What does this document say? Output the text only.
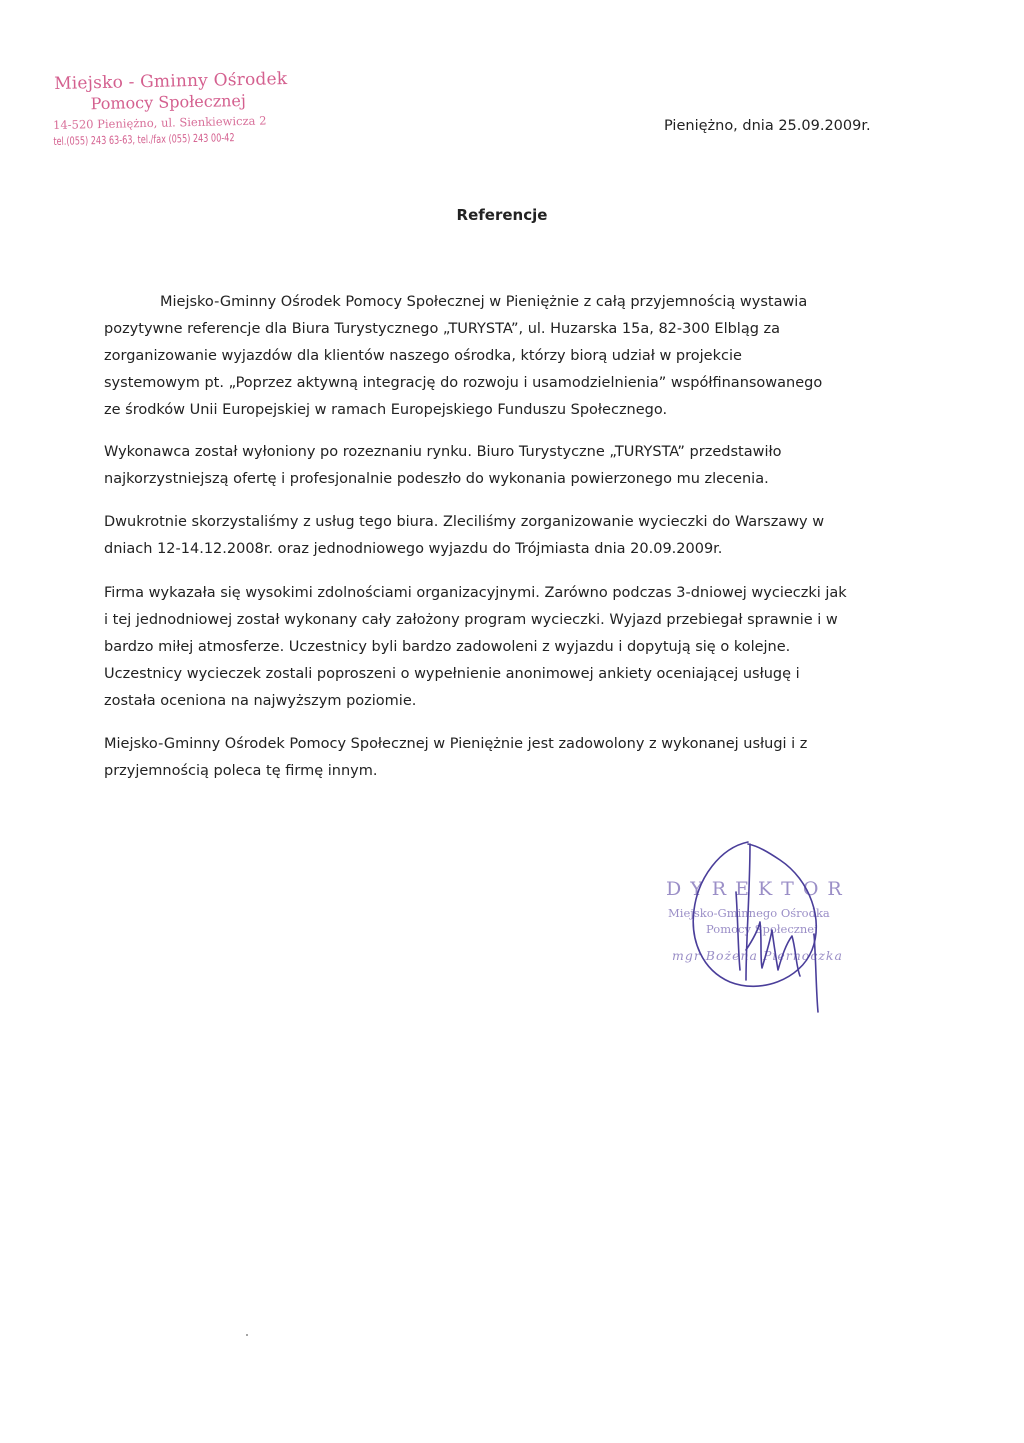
Miejsko - Gminny Ośrodek
Pomocy Społecznej
14-520 Pieniężno, ul. Sienkiewicza 2
tel.(055) 243 63-63, tel./fax (055) 243 00-42
Pieniężno, dnia 25.09.2009r.
Referencje
Miejsko-Gminny Ośrodek Pomocy Społecznej w Pieniężnie z całą przyjemnością wystawia
pozytywne referencje dla Biura Turystycznego „TURYSTA”, ul. Huzarska 15a, 82-300 Elbląg za
zorganizowanie wyjazdów dla klientów naszego ośrodka, którzy biorą udział w projekcie
systemowym pt. „Poprzez aktywną integrację do rozwoju i usamodzielnienia” współfinansowanego
ze środków Unii Europejskiej w ramach Europejskiego Funduszu Społecznego.
Wykonawca został wyłoniony po rozeznaniu rynku. Biuro Turystyczne „TURYSTA” przedstawiło
najkorzystniejszą ofertę i profesjonalnie podeszło do wykonania powierzonego mu zlecenia.
Dwukrotnie skorzystaliśmy z usług tego biura. Zleciliśmy zorganizowanie wycieczki do Warszawy w
dniach 12-14.12.2008r. oraz jednodniowego wyjazdu do Trójmiasta dnia 20.09.2009r.
Firma wykazała się wysokimi zdolnościami organizacyjnymi. Zarówno podczas 3-dniowej wycieczki jak
i tej jednodniowej został wykonany cały założony program wycieczki. Wyjazd przebiegał sprawnie i w
bardzo miłej atmosferze. Uczestnicy byli bardzo zadowoleni z wyjazdu i dopytują się o kolejne.
Uczestnicy wycieczek zostali poproszeni o wypełnienie anonimowej ankiety oceniającej usługę i
została oceniona na najwyższym poziomie.
Miejsko-Gminny Ośrodek Pomocy Społecznej w Pieniężnie jest zadowolony z wykonanej usługi i z
przyjemnością poleca tę firmę innym.
DYREKTOR
Miejsko-Gminnego Ośrodka
Pomocy Społecznej
mgr Bożena Piernoczka
